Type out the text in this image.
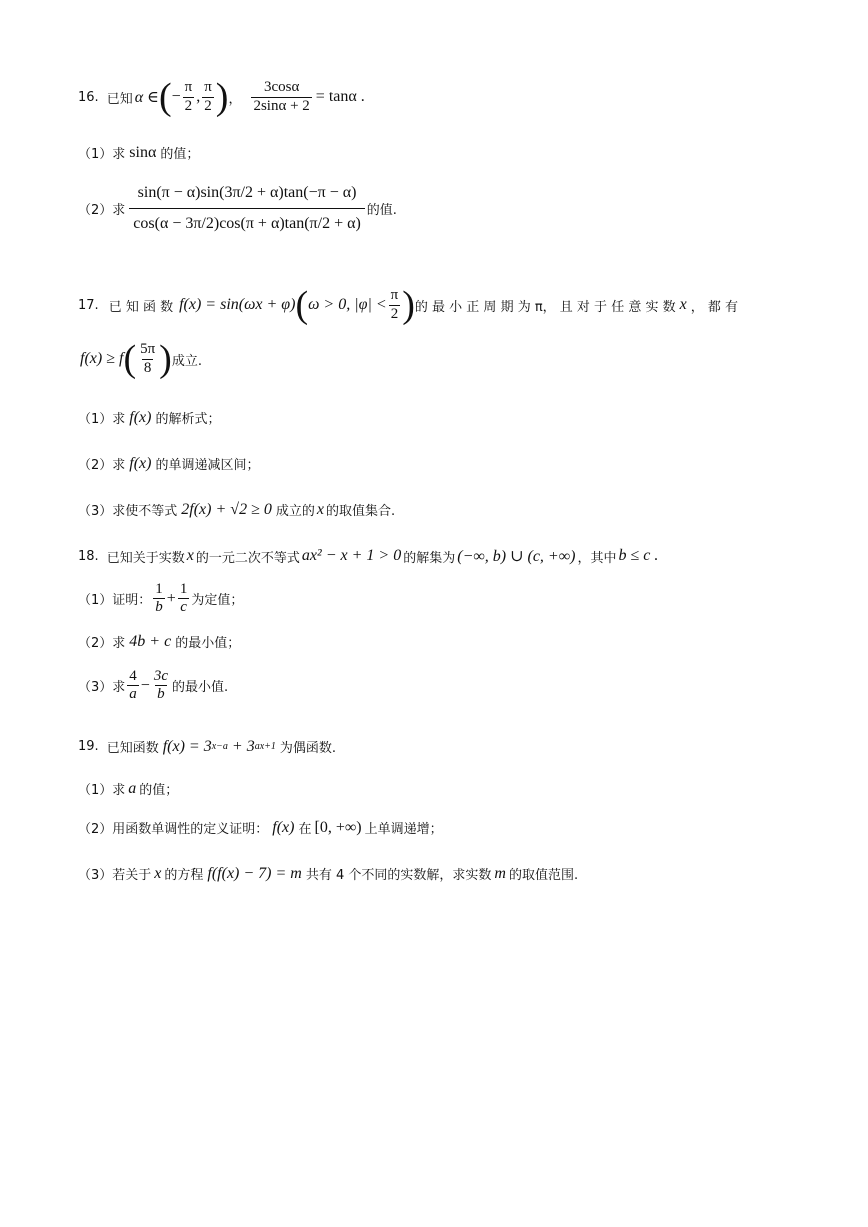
16. 已知 α ∈ ( − $\frac{\pi}{2}$ , $\frac{\pi}{2}$ ) ， $\frac{3\cos\alpha}{2\sin\alpha + 2} = \tan\alpha$ .
（1）求 sinα 的值；
（2）求 $\frac{\sin(\pi - \alpha)\sin(3\pi/2 + \alpha)\tan(-\pi - \alpha)}{\cos(\alpha - 3\pi/2)\cos(\pi + \alpha)\tan(\pi/2 + \alpha)}$ 的值.
17. 已 知 函 数 f(x) = sin(ωx + φ) ( ω > 0, $|\varphi| < \frac{\pi}{2}$ ) 的 最 小 正 周 期 为 π， 且 对 于 任 意 实 数 x ， 都 有
f(x) ≥ f ( $\frac{5\pi}{8}$ ) 成立.
（1）求 f(x) 的解析式；
（2）求 f(x) 的单调递减区间；
（3）求使不等式 2f(x) + √2 ≥ 0 成立的 x 的取值集合.
18. 已知关于实数 x 的一元二次不等式 ax² − x + 1 > 0 的解集为 (−∞, b) ∪ (c, +∞) ，其中 b ≤ c .
（1）证明： $\frac{1}{b} + \frac{1}{c}$ 为定值；
（2）求 4b + c 的最小值；
（3）求 $\frac{4}{a} - \frac{3c}{b}$ 的最小值.
19. 已知函数 f(x) = 3 x−a + 3 ax+1 为偶函数.
（1）求 a 的值；
（2）用函数单调性的定义证明： f(x) 在 [0, +∞) 上单调递增；
（3）若关于 x 的方程 f(f(x) − 7) = m 共有 4 个不同的实数解，求实数 m 的取值范围.
